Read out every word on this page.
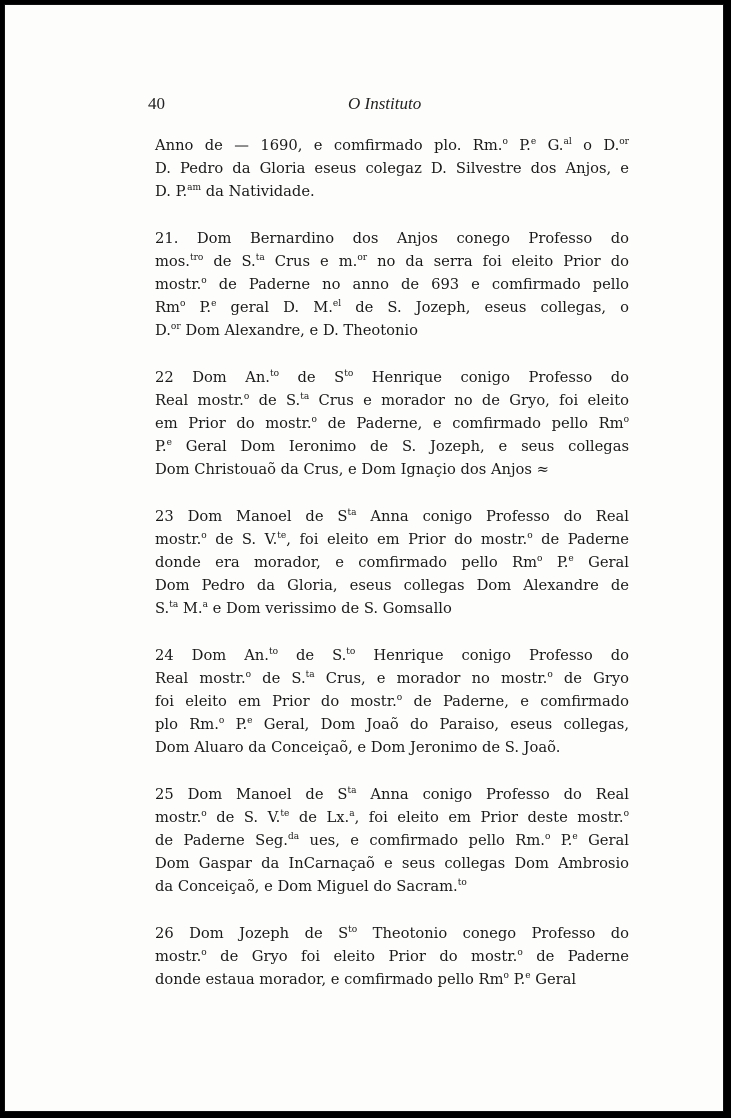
40	O Instituto
Anno de — 1690, e comfirmado plo. Rm.$^o$ P.$^e$ G.$^{al}$ o D.$^{or}$
D. Pedro da Gloria eseus colegaz D. Silvestre dos Anjos, e
D. P.$^{am}$ da Natividade.
21. Dom Bernardino dos Anjos conego Professo do
mos.$^{tro}$ de S.$^{ta}$ Crus e m.$^{or}$ no da serra foi eleito Prior do
mostr.$^o$ de Paderne no anno de 693 e comfirmado pello
Rm$^o$ P.$^e$ geral D. M.$^{el}$ de S. Jozeph, eseus collegas, o
D.$^{or}$ Dom Alexandre, e D. Theotonio
22 Dom An.$^{to}$ de $S^{to}$ Henrique conigo Professo do
Real mostr.$^o$ de S.$^{ta}$ Crus e morador no de Gryo, foi eleito
em Prior do mostr.$^o$ de Paderne, e comfirmado pello Rm$^o$
P.$^e$ Geral Dom Ieronimo de S. Jozeph, e seus collegas
Dom Christouaõ da Crus, e Dom Ignaçio dos Anjos ≈
23 Dom Manoel de $S^{ta}$ Anna conigo Professo do Real
mostr.$^o$ de S. V.$^{te}$, foi eleito em Prior do mostr.$^o$ de Paderne
donde era morador, e comfirmado pello Rm$^o$ P.$^e$ Geral
Dom Pedro da Gloria, eseus collegas Dom Alexandre de
S.$^{ta}$ M.$^a$ e Dom verissimo de S. Gomsallo
24 Dom An.$^{to}$ de S.$^{to}$ Henrique conigo Professo do
Real mostr.$^o$ de S.$^{ta}$ Crus, e morador no mostr.$^o$ de Gryo
foi eleito em Prior do mostr.$^o$ de Paderne, e comfirmado
plo Rm.$^o$ P.$^e$ Geral, Dom Joaõ do Paraiso, eseus collegas,
Dom Aluaro da Conceiçaõ, e Dom Jeronimo de S. Joaõ.
25 Dom Manoel de $S^{ta}$ Anna conigo Professo do Real
mostr.$^o$ de S. V.$^{te}$ de Lx.$^a$, foi eleito em Prior deste mostr.$^o$
de Paderne Seg.$^{da}$ ues, e comfirmado pello Rm.$^o$ P.$^e$ Geral
Dom Gaspar da InCarnaçaõ e seus collegas Dom Ambrosio
da Conceiçaõ, e Dom Miguel do Sacram.$^{to}$
26 Dom Jozeph de $S^{to}$ Theotonio conego Professo do
mostr.$^o$ de Gryo foi eleito Prior do mostr.$^o$ de Paderne
donde estaua morador, e comfirmado pello Rm$^o$ P.$^e$ Geral
